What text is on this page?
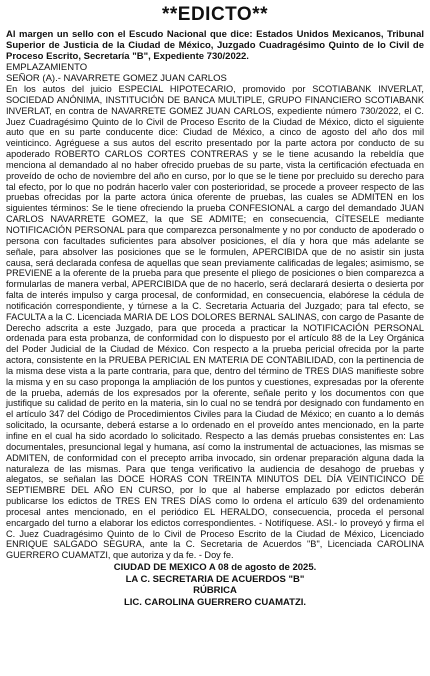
**EDICTO**

Al margen un sello con el Escudo Nacional que dice: Estados Unidos Mexicanos, Tribunal Superior de Justicia de la Ciudad de México, Juzgado Cuadragésimo Quinto de lo Civil de Proceso Escrito, Secretaría "B", Expediente 730/2022.

EMPLAZAMIENTO

SEÑOR (A).- NAVARRETE GOMEZ JUAN CARLOS

En los autos del juicio ESPECIAL HIPOTECARIO, promovido por SCOTIABANK INVERLAT, SOCIEDAD ANÓNIMA, INSTITUCIÓN DE BANCA MULTIPLE, GRUPO FINANCIERO SCOTIABANK INVERLAT, en contra de NAVARRETE GOMEZ JUAN CARLOS, expediente número 730/2022, el C. Juez Cuadragésimo Quinto de lo Civil de Proceso Escrito de la Ciudad de México, dicto el siguiente auto que en su parte conducente dice: Ciudad de México, a cinco de agosto del año dos mil veinticinco. Agréguese a sus autos del escrito presentado por la parte actora por conducto de su apoderado ROBERTO CARLOS CORTES CONTRERAS y se le tiene acusando la rebeldía que menciona al demandado al no haber ofrecido pruebas de su parte, vista la certificación efectuada en proveído de ocho de noviembre del año en curso, por lo que se le tiene por precluido su derecho para tal efecto, por lo que no podrán hacerlo valer con posterioridad, se procede a proveer respecto de las pruebas ofrecidas por la parte actora única oferente de pruebas, las cuales se ADMITEN en los siguientes términos: Se le tiene ofreciendo la prueba CONFESIONAL a cargo del demandado JUAN CARLOS NAVARRETE GOMEZ, la que SE ADMITE; en consecuencia, CÍTESELE mediante NOTIFICACIÓN PERSONAL para que comparezca personalmente y no por conducto de apoderado o persona con facultades suficientes para absolver posiciones, el día y hora que más adelante se señale, para absolver las posiciones que se le formulen, APERCIBIDA que de no asistir sin justa causa, será declarada confesa de aquellas que sean previamente calificadas de legales; asimismo, se PREVIENE a la oferente de la prueba para que presente el pliego de posiciones o bien comparezca a formularlas de manera verbal, APERCIBIDA que de no hacerlo, será declarará desierta o desierta por falta de interés impulso y carga procesal, de conformidad, en consecuencia, elabórese la cédula de notificación correspondiente, y túrnese a la C. Secretaria Actuaria del Juzgado; para tal efecto, se FACULTA a la C. Licenciada MARIA DE LOS DOLORES BERNAL SALINAS, con cargo de Pasante de Derecho adscrita a este Juzgado, para que proceda a practicar la NOTIFICACIÓN PERSONAL ordenada para esta probanza, de conformidad con lo dispuesto por el artículo 88 de la Ley Orgánica del Poder Judicial de la Ciudad de México. Con respecto a la prueba pericial ofrecida por la parte actora, consistente en la PRUEBA PERICIAL EN MATERIA DE CONTABILIDAD, con la pertinencia de la misma dese vista a la parte contraria, para que, dentro del término de TRES DIAS manifieste sobre la misma y en su caso proponga la ampliación de los puntos y cuestiones, expresadas por la oferente de la prueba, además de los expresados por la oferente, señale perito y los documentos con que justifique su calidad de perito en la materia, sin lo cual no se tendrá por designado con fundamento en el artículo 347 del Código de Procedimientos Civiles para la Ciudad de México; en cuanto a lo demás solicitado, la ocursante, deberá estarse a lo ordenado en el proveído antes mencionado, en la parte infine en el cual ha sido acordado lo solicitado. Respecto a las demás pruebas consistentes en: Las documentales, presuncional legal y humana, así como la instrumental de actuaciones, las mismas se ADMITEN, de conformidad con el precepto arriba invocado, sin ordenar preparación alguna dada la naturaleza de las mismas. Para que tenga verificativo la audiencia de desahogo de pruebas y alegatos, se señalan las DOCE HORAS CON TREINTA MINUTOS DEL DÍA VEINTICINCO DE SEPTIEMBRE DEL AÑO EN CURSO, por lo que al haberse emplazado por edictos deberán publicarse los edictos de TRES EN TRES DÍAS como lo ordena el artículo 639 del ordenamiento procesal antes mencionado, en el periódico EL HERALDO, consecuencia, proceda el personal encargado del turno a elaborar los edictos correspondientes. - Notifíquese. ASI.- lo proveyó y firma el C. Juez Cuadragésimo Quinto de lo Civil de Proceso Escrito de la Ciudad de México, Licenciado ENRIQUE SALGADO SEGURA, ante la C. Secretaria de Acuerdos "B", Licenciada CAROLINA GUERRERO CUAMATZI, que autoriza y da fe. - Doy fe.

CIUDAD DE MEXICO A 08 de agosto de 2025.
LA C. SECRETARIA DE ACUERDOS "B"
RÚBRICA
LIC. CAROLINA GUERRERO CUAMATZI.
